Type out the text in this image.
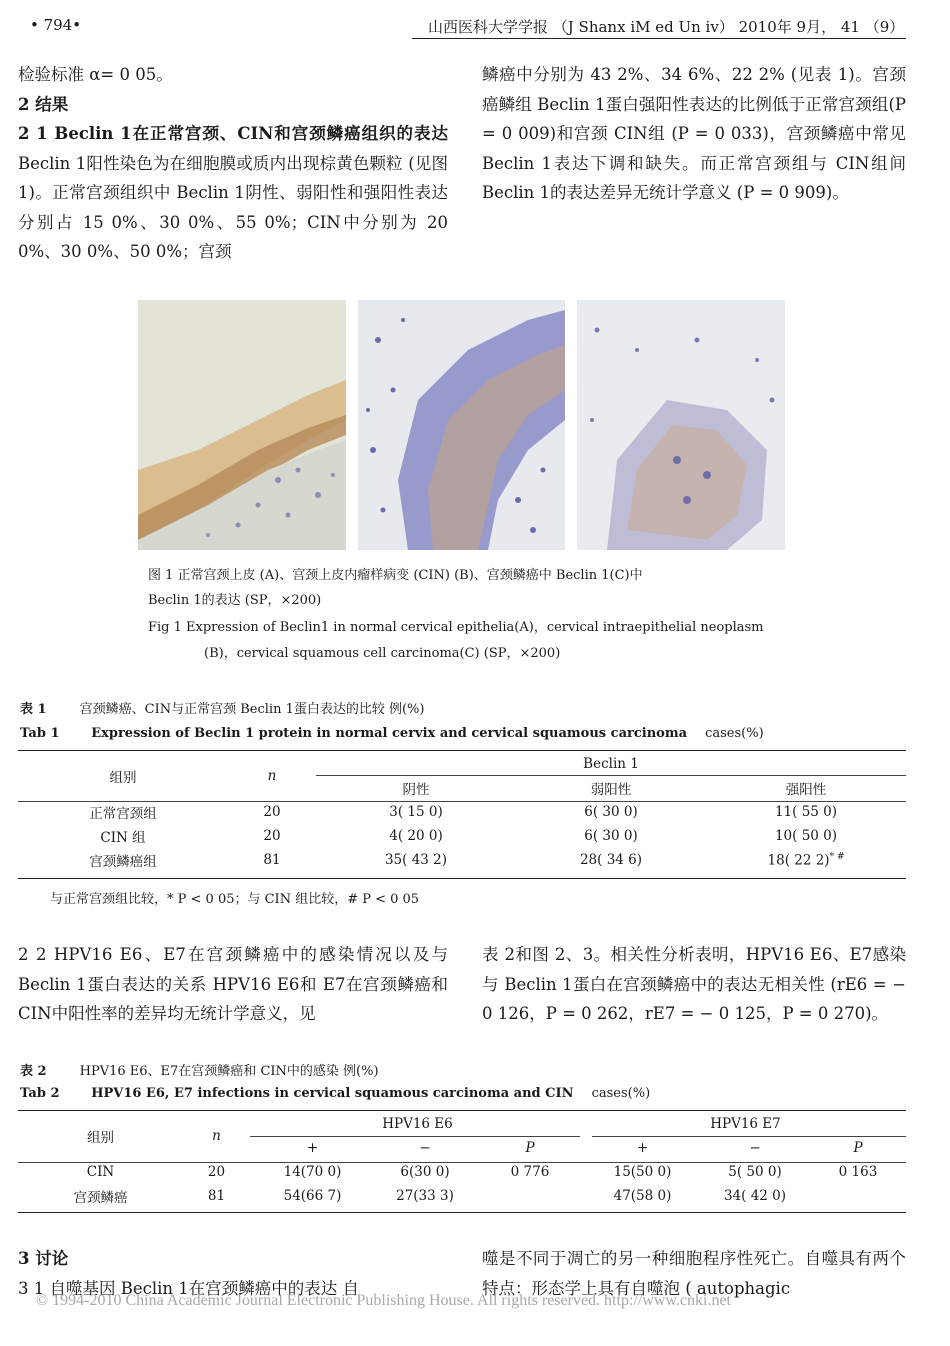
• 794•	山西医科大学学报 （J Shanx iM ed Un iv） 2010年 9月， 41 （9）

检验标准 α= 0 05。

2 结果

2 1 Beclin 1在正常宫颈、CIN和宫颈鳞癌组织的表达 Beclin 1阳性染色为在细胞膜或质内出现棕黄色颗粒 (见图 1)。正常宫颈组织中 Beclin 1阴性、弱阳性和强阳性表达分别占 15 0%、30 0%、55 0%；CIN中分别为 20 0%、30 0%、50 0%；宫颈

鳞癌中分别为 43 2%、34 6%、22 2% (见表 1)。宫颈癌鳞组 Beclin 1蛋白强阳性表达的比例低于正常宫颈组(P = 0 009)和宫颈 CIN组 (P = 0 033)，宫颈鳞癌中常见 Beclin 1表达下调和缺失。而正常宫颈组与 CIN组间 Beclin 1的表达差异无统计学意义 (P = 0 909)。
图 1 正常宫颈上皮 (A)、宫颈上皮内瘤样病变 (CIN) (B)、宫颈鳞癌中 Beclin 1(C)中
Beclin 1的表达 (SP，×200)
Fig 1 Expression of Beclin1 in normal cervical epithelia(A)，cervical intraepithelial neoplasm
(B)，cervical squamous cell carcinoma(C) (SP，×200)
表 1	宫颈鳞癌、CIN与正常宫颈 Beclin 1蛋白表达的比较 例(%)
Tab 1 Expression of Beclin 1 protein in normal cervix and cervical squamous carcinoma cases(%)
组别	n	Beclin 1		
		阴性	弱阳性	强阳性
正常宫颈组	20	3( 15 0)	6( 30 0)	11( 55 0)
CIN 组	20	4( 20 0)	6( 30 0)	10( 50 0)
宫颈鳞癌组	81	35( 43 2)	28( 34 6)	18( 22 2)* #
与正常宫颈组比较，* P < 0 05；与 CIN 组比较，# P < 0 05
2 2 HPV16 E6、E7在宫颈鳞癌中的感染情况以及与 Beclin 1蛋白表达的关系 HPV16 E6和 E7在宫颈鳞癌和 CIN中阳性率的差异均无统计学意义，见
表 2和图 2、3。相关性分析表明，HPV16 E6、E7感染与 Beclin 1蛋白在宫颈鳞癌中的表达无相关性 (rE6 = − 0 126，P = 0 262，rE7 = − 0 125，P = 0 270)。
表 2	HPV16 E6、E7在宫颈鳞癌和 CIN中的感染 例(%)
Tab 2 HPV16 E6, E7 infections in cervical squamous carcinoma and CIN cases(%)
组别	n	HPV16 E6			HPV16 E7		
		+	−	P	+	−	P
CIN	20	14(70 0)	6(30 0)	0 776	15(50 0)	5( 50 0)	0 163
宫颈鳞癌	81	54(66 7)	27(33 3)		47(58 0)	34( 42 0)	

3 讨论

3 1 自噬基因 Beclin 1在宫颈鳞癌中的表达 自

噬是不同于凋亡的另一种细胞程序性死亡。自噬具有两个特点：形态学上具有自噬泡 ( autophagic
© 1994-2010 China Academic Journal Electronic Publishing House. All rights reserved. http://www.cnki.net
